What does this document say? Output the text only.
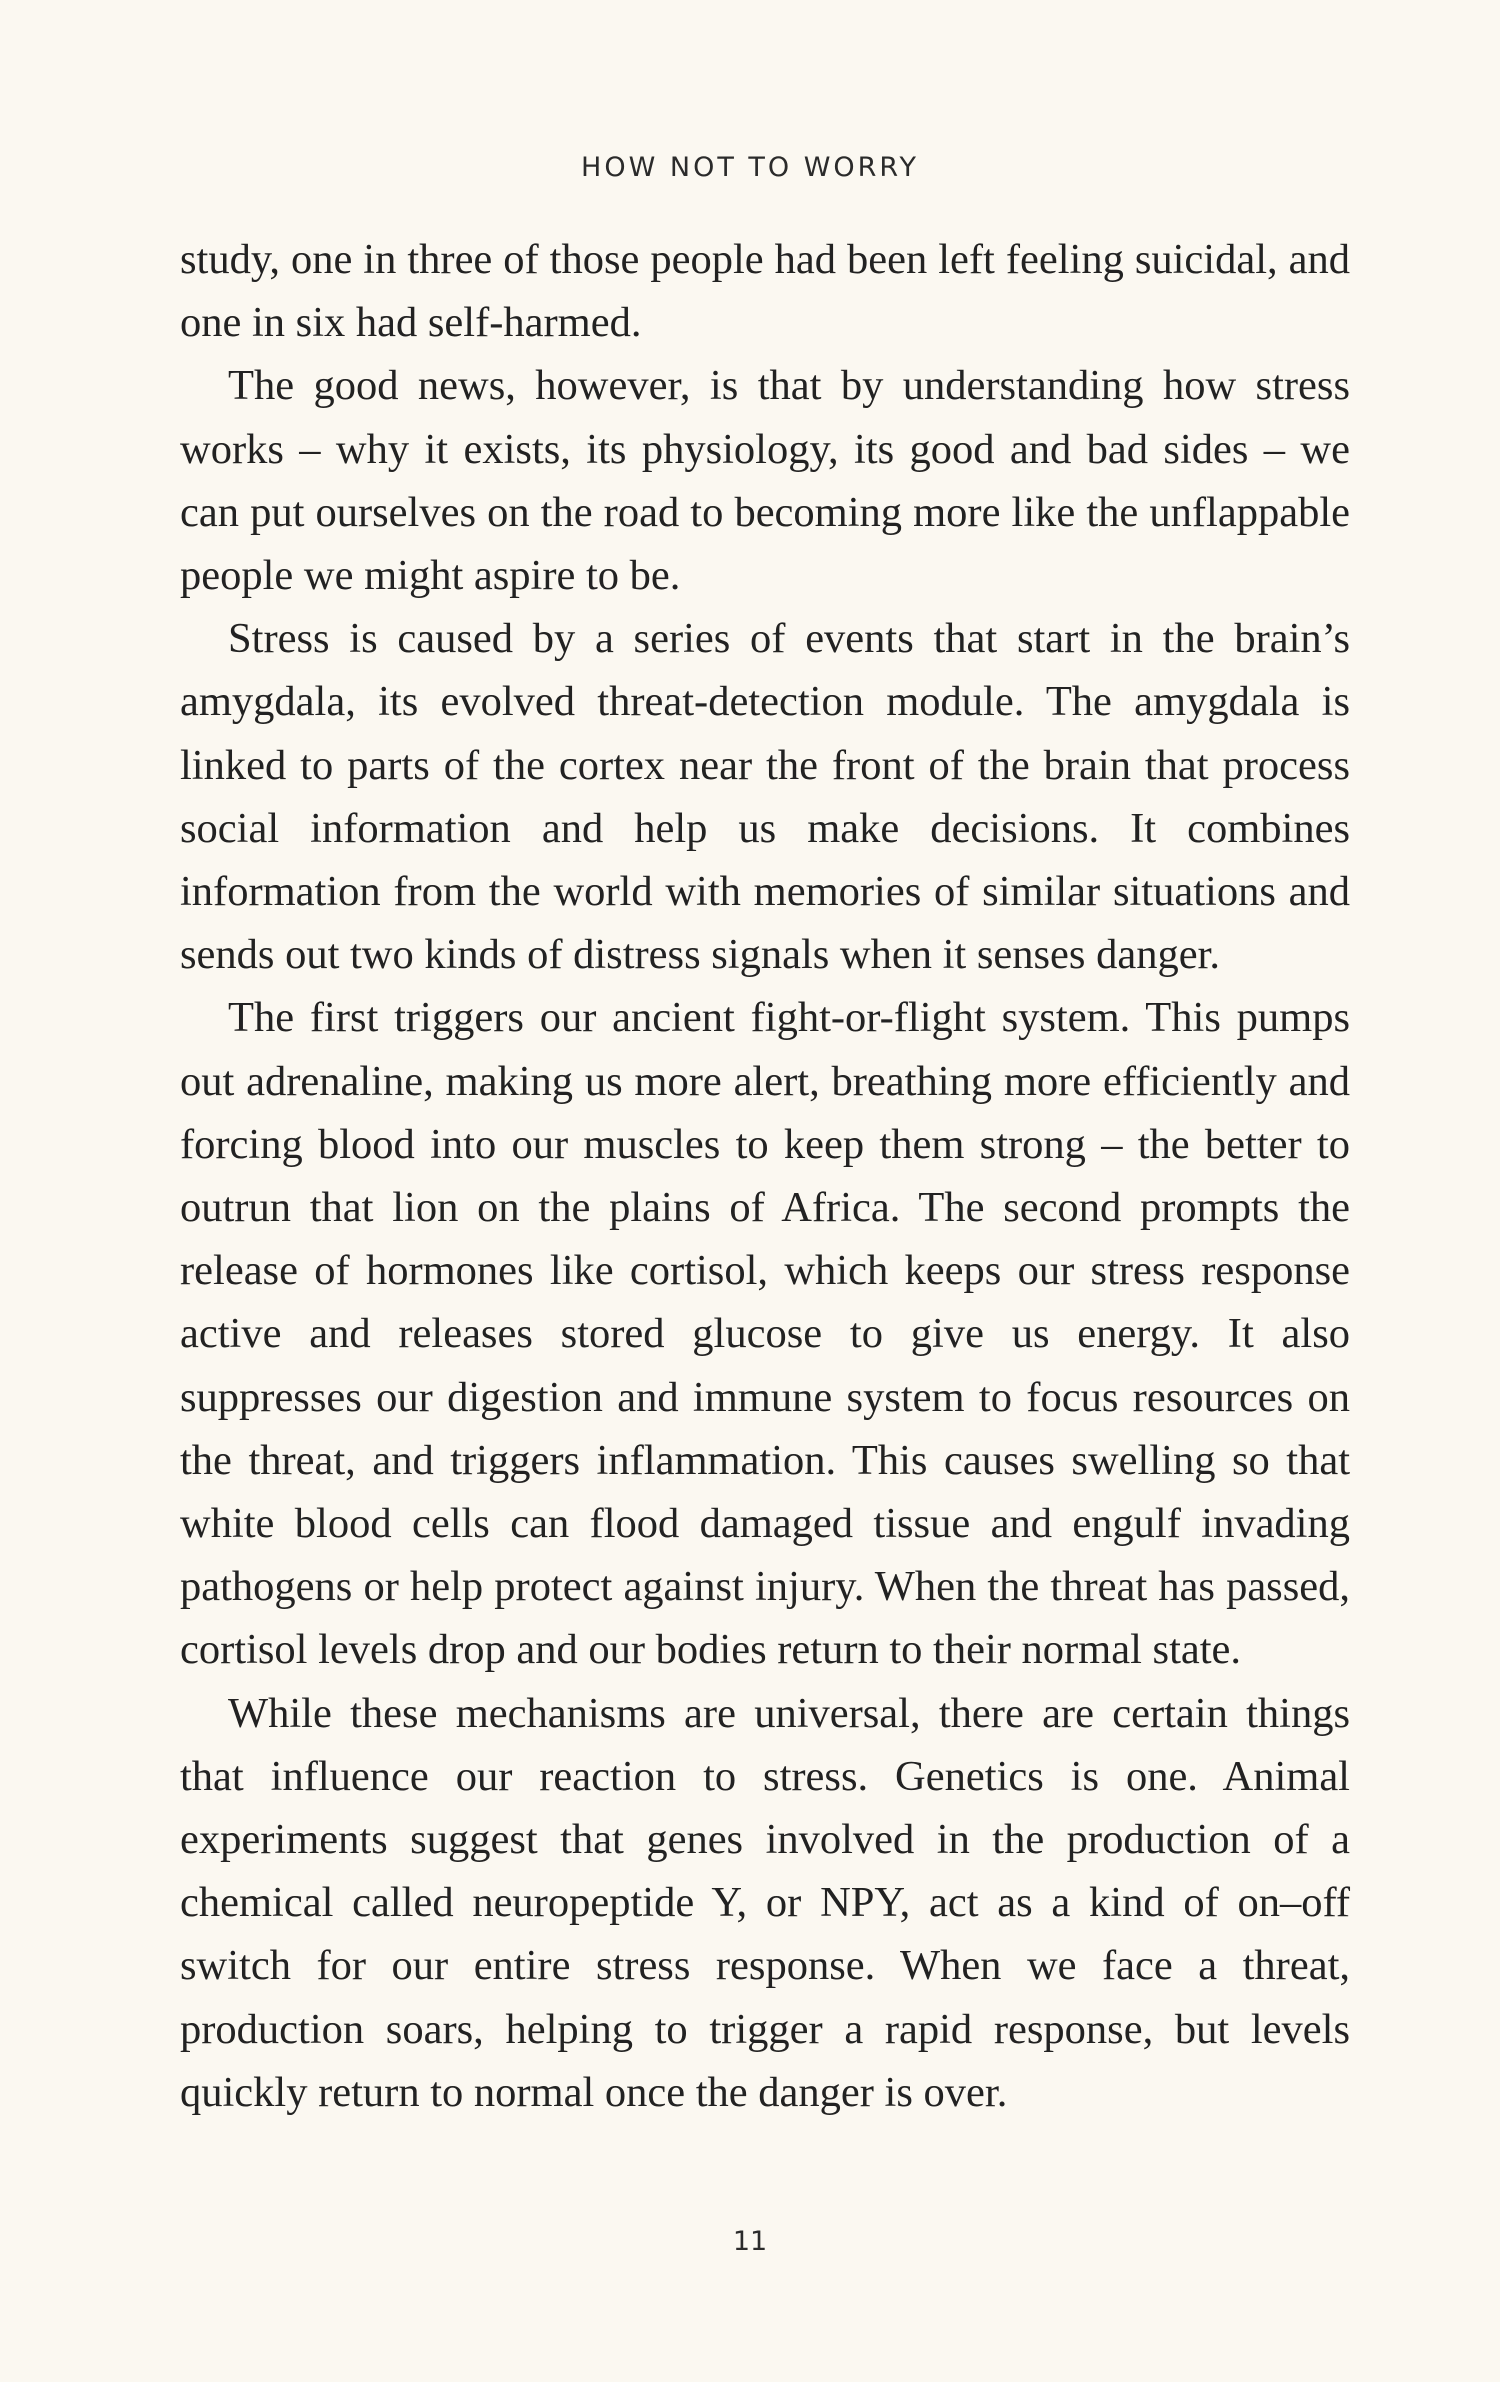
HOW NOT TO WORRY

study, one in three of those people had been left feeling suicidal, and one in six had self-harmed.

The good news, however, is that by understanding how stress works – why it exists, its physiology, its good and bad sides – we can put ourselves on the road to becoming more like the unflappable people we might aspire to be.

Stress is caused by a series of events that start in the brain’s amygdala, its evolved threat-detection module. The amygdala is linked to parts of the cortex near the front of the brain that process social information and help us make decisions. It combines information from the world with memories of similar situations and sends out two kinds of distress signals when it senses danger.

The first triggers our ancient fight-or-flight system. This pumps out adrenaline, making us more alert, breathing more efficiently and forcing blood into our muscles to keep them strong – the better to outrun that lion on the plains of Africa. The second prompts the release of hormones like cortisol, which keeps our stress response active and releases stored glucose to give us energy. It also suppresses our digestion and immune system to focus resources on the threat, and triggers inflammation. This causes swelling so that white blood cells can flood damaged tissue and engulf invading pathogens or help protect against injury. When the threat has passed, cortisol levels drop and our bodies return to their normal state.

While these mechanisms are universal, there are certain things that influence our reaction to stress. Genetics is one. Animal experiments suggest that genes involved in the production of a chemical called neuropeptide Y, or NPY, act as a kind of on–off switch for our entire stress response. When we face a threat, production soars, helping to trigger a rapid response, but levels quickly return to normal once the danger is over.

11
